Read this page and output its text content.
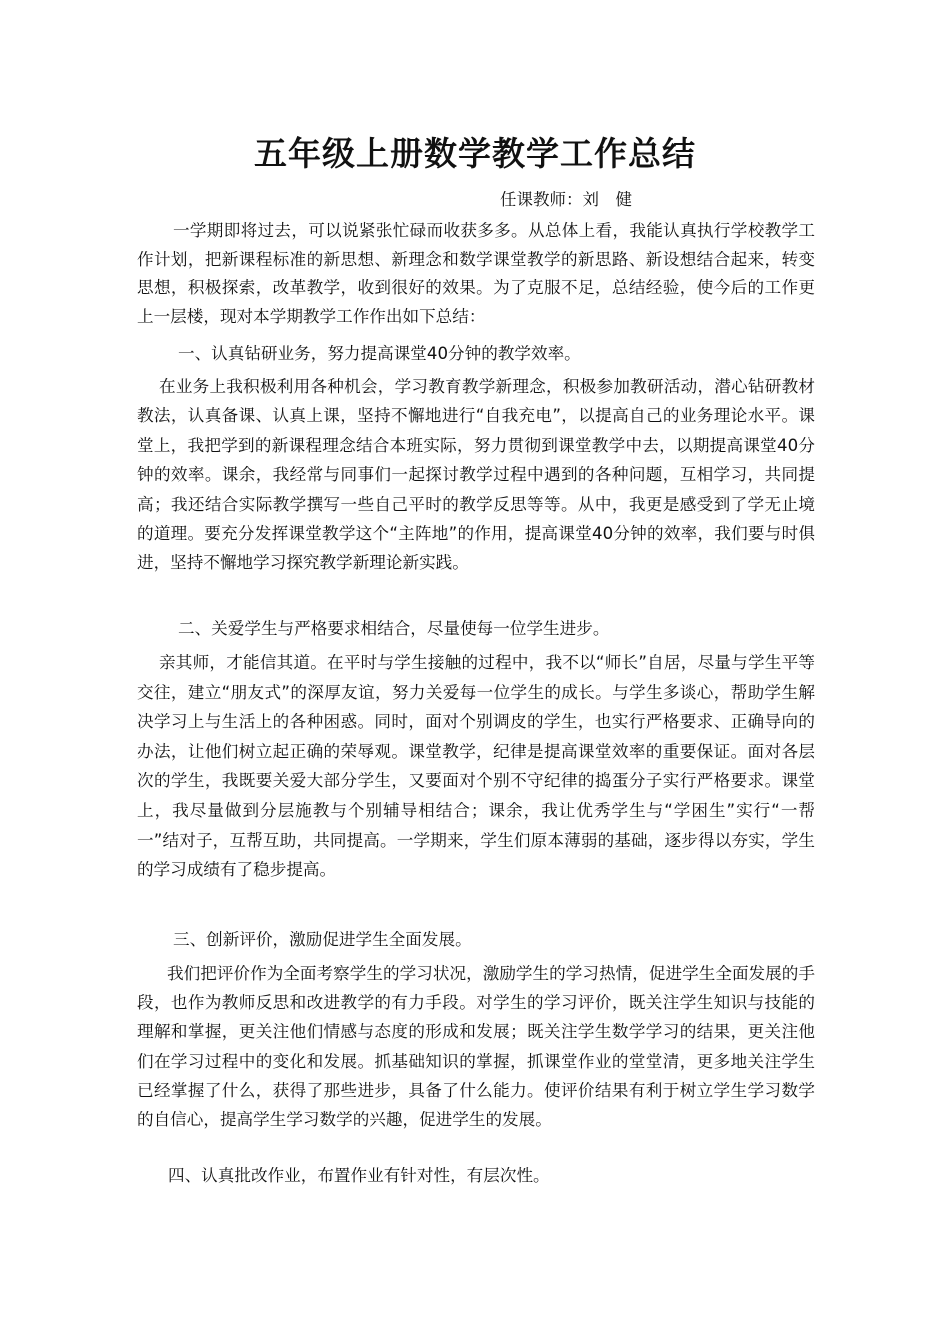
五年级上册数学教学工作总结
任课教师：刘　健

一学期即将过去，可以说紧张忙碌而收获多多。从总体上看，我能认真执行学校教学工作计划，把新课程标准的新思想、新理念和数学课堂教学的新思路、新设想结合起来，转变思想，积极探索，改革教学，收到很好的效果。为了克服不足，总结经验，使今后的工作更上一层楼，现对本学期教学工作作出如下总结：

一、认真钻研业务，努力提高课堂40分钟的教学效率。

在业务上我积极利用各种机会，学习教育教学新理念，积极参加教研活动，潜心钻研教材教法，认真备课、认真上课，坚持不懈地进行“自我充电”，以提高自己的业务理论水平。课堂上，我把学到的新课程理念结合本班实际，努力贯彻到课堂教学中去，以期提高课堂40分钟的效率。课余，我经常与同事们一起探讨教学过程中遇到的各种问题，互相学习，共同提高；我还结合实际教学撰写一些自己平时的教学反思等等。从中，我更是感受到了学无止境的道理。要充分发挥课堂教学这个“主阵地”的作用，提高课堂40分钟的效率，我们要与时俱进，坚持不懈地学习探究教学新理论新实践。

二、关爱学生与严格要求相结合，尽量使每一位学生进步。

亲其师，才能信其道。在平时与学生接触的过程中，我不以“师长”自居，尽量与学生平等交往，建立“朋友式”的深厚友谊，努力关爱每一位学生的成长。与学生多谈心，帮助学生解决学习上与生活上的各种困惑。同时，面对个别调皮的学生，也实行严格要求、正确导向的办法，让他们树立起正确的荣辱观。课堂教学，纪律是提高课堂效率的重要保证。面对各层次的学生，我既要关爱大部分学生，又要面对个别不守纪律的捣蛋分子实行严格要求。课堂上，我尽量做到分层施教与个别辅导相结合；课余，我让优秀学生与“学困生”实行“一帮一”结对子，互帮互助，共同提高。一学期来，学生们原本薄弱的基础，逐步得以夯实，学生的学习成绩有了稳步提高。

三、创新评价，激励促进学生全面发展。

我们把评价作为全面考察学生的学习状况，激励学生的学习热情，促进学生全面发展的手段，也作为教师反思和改进教学的有力手段。对学生的学习评价，既关注学生知识与技能的理解和掌握，更关注他们情感与态度的形成和发展；既关注学生数学学习的结果，更关注他们在学习过程中的变化和发展。抓基础知识的掌握，抓课堂作业的堂堂清，更多地关注学生已经掌握了什么，获得了那些进步，具备了什么能力。使评价结果有利于树立学生学习数学的自信心，提高学生学习数学的兴趣，促进学生的发展。

四、认真批改作业，布置作业有针对性，有层次性。
